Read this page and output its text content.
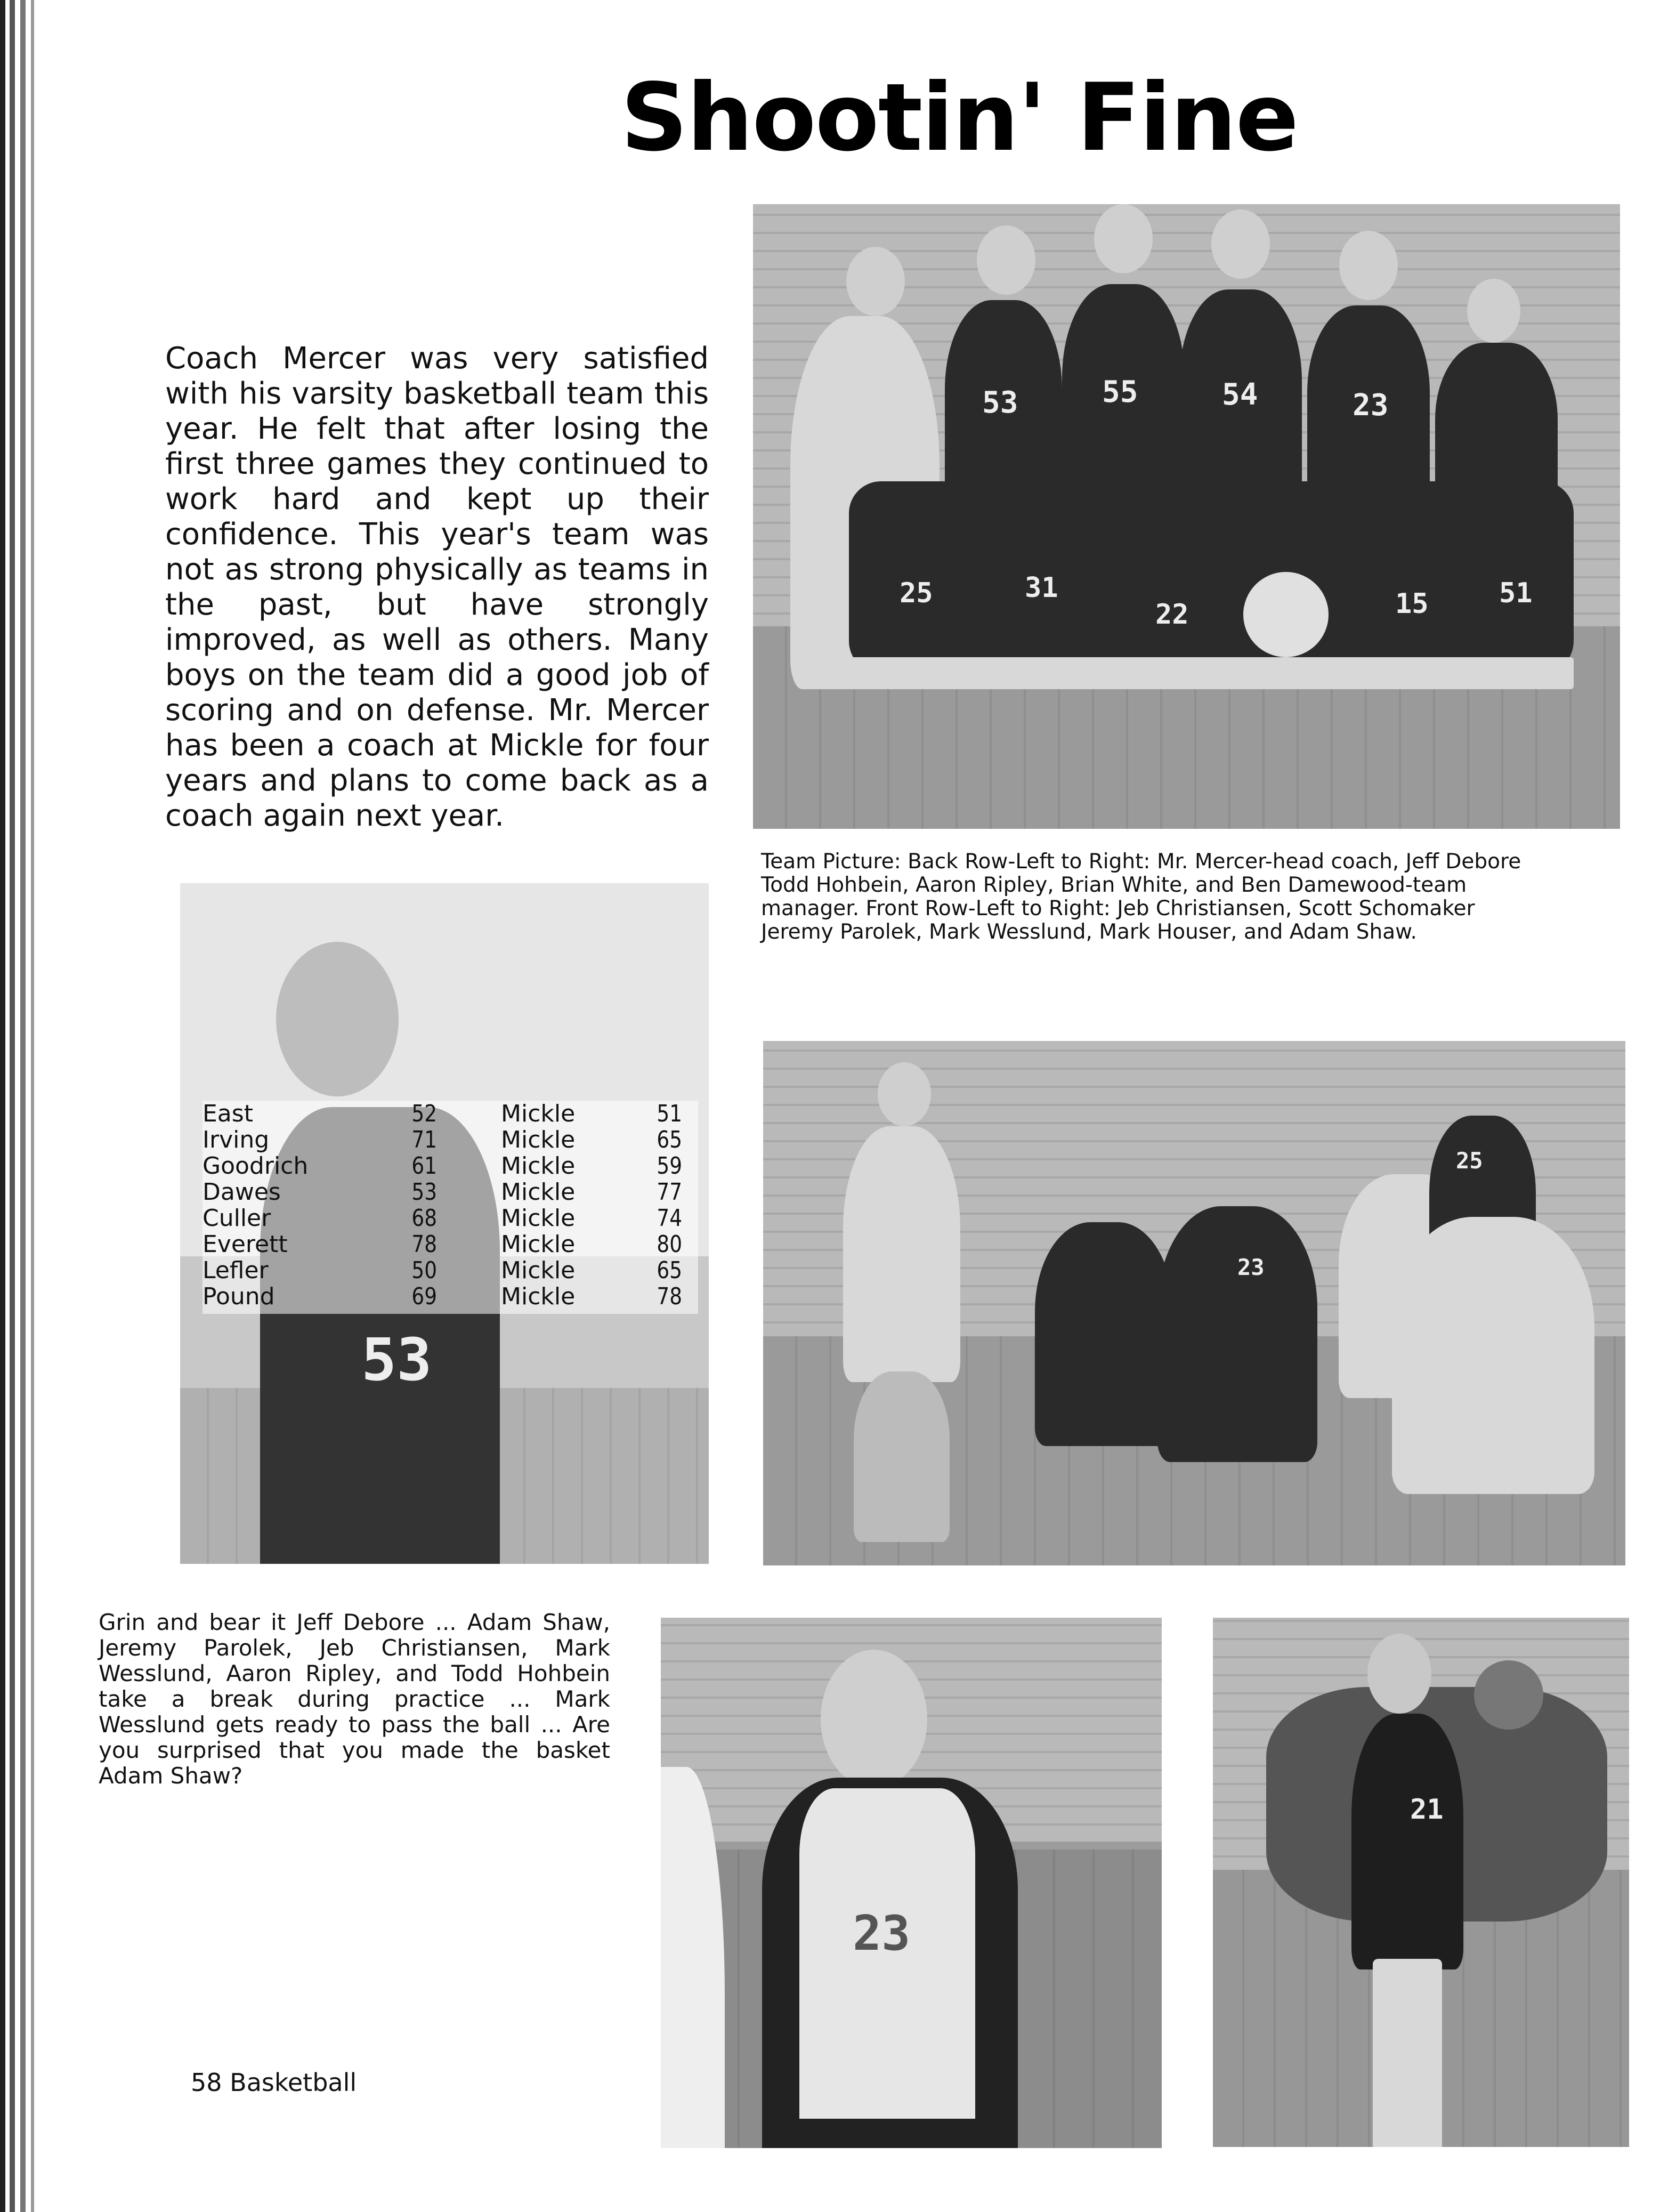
Shootin' Fine

Coach Mercer was very satisfied with his varsity basketball team this year. He felt that after losing the first three games they continued to work hard and kept up their confidence. This year's team was not as strong physically as teams in the past, but have strongly improved, as well as others. Many boys on the team did a good job of scoring and on defense. Mr. Mercer has been a coach at Mickle for four years and plans to come back as a coach again next year.

53	55	54	23
25	31
22	15	51
Team Picture: Back Row-Left to Right: Mr. Mercer-head coach, Jeff Debore
Todd Hohbein, Aaron Ripley, Brian White, and Ben Damewood-team
manager. Front Row-Left to Right: Jeb Christiansen, Scott Schomaker
Jeremy Parolek, Mark Wesslund, Mark Houser, and Adam Shaw.
53
East	52	Mickle	51
Irving	71	Mickle	65
Goodrich	61	Mickle	59
Dawes	53	Mickle	77
Culler	68	Mickle	74
Everett	78	Mickle	80
Lefler	50	Mickle	65
Pound	69	Mickle	78
25
23

Grin and bear it Jeff Debore ... Adam Shaw, Jeremy Parolek, Jeb Christiansen, Mark Wesslund, Aaron Ripley, and Todd Hohbein take a break during practice ... Mark Wesslund gets ready to pass the ball ... Are you surprised that you made the basket Adam Shaw?

23
21
58 Basketball
